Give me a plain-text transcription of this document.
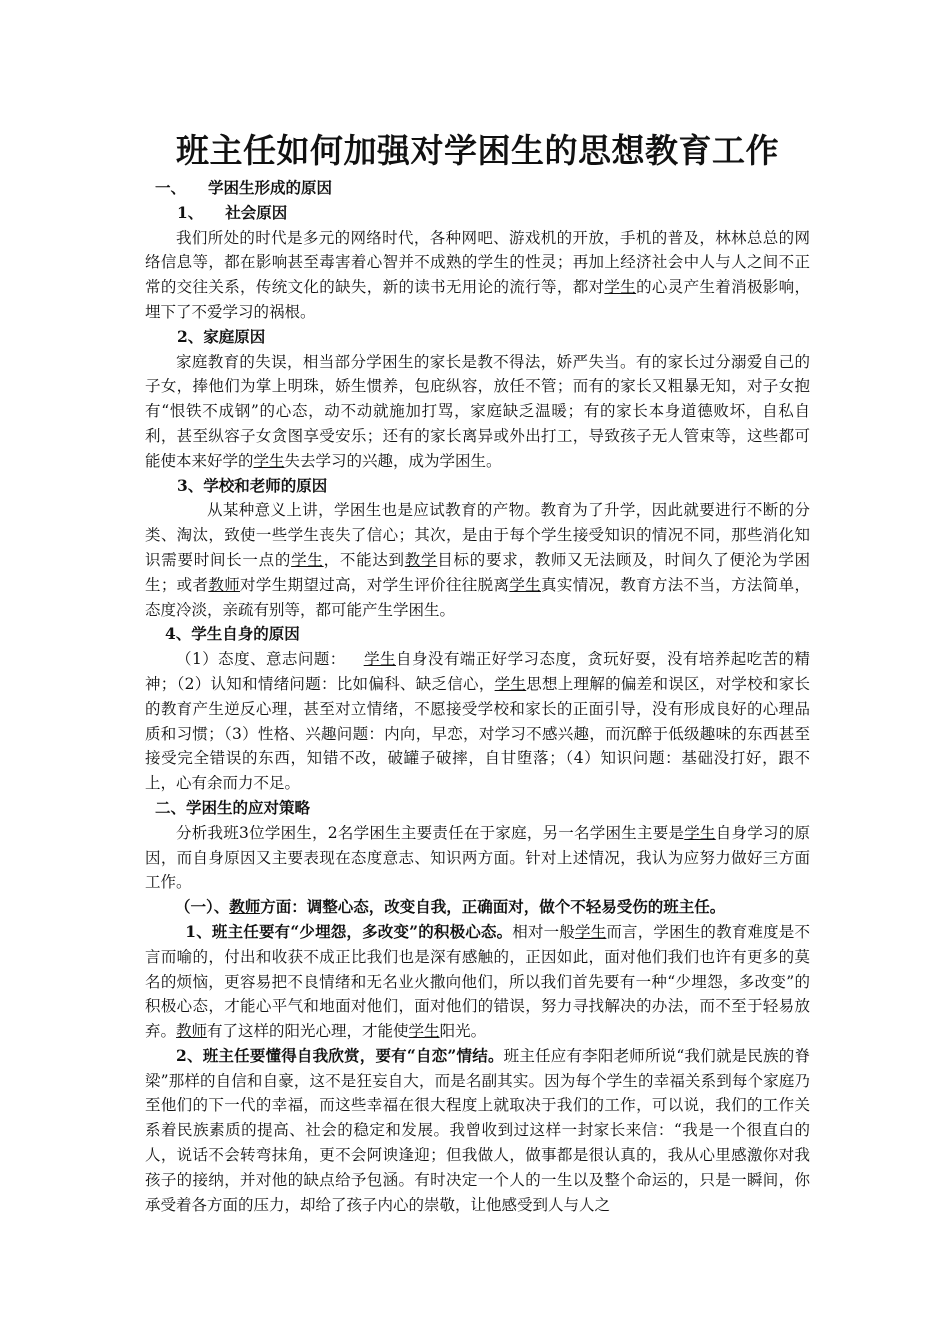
班主任如何加强对学困生的思想教育工作

一、 学困生形成的原因

1、 社会原因

我们所处的时代是多元的网络时代，各种网吧、游戏机的开放，手机的普及，林林总总的网络信息等，都在影响甚至毒害着心智并不成熟的学生的性灵；再加上经济社会中人与人之间不正常的交往关系，传统文化的缺失，新的读书无用论的流行等，都对学生的心灵产生着消极影响，埋下了不爱学习的祸根。

2、家庭原因

家庭教育的失误，相当部分学困生的家长是教不得法，娇严失当。有的家长过分溺爱自己的子女，捧他们为掌上明珠，娇生惯养，包庇纵容，放任不管；而有的家长又粗暴无知，对子女抱有“恨铁不成钢”的心态，动不动就施加打骂，家庭缺乏温暖；有的家长本身道德败坏，自私自利，甚至纵容子女贪图享受安乐；还有的家长离异或外出打工，导致孩子无人管束等，这些都可能使本来好学的学生失去学习的兴趣，成为学困生。

3、学校和老师的原因

从某种意义上讲，学困生也是应试教育的产物。教育为了升学，因此就要进行不断的分类、淘汰，致使一些学生丧失了信心；其次，是由于每个学生接受知识的情况不同，那些消化知识需要时间长一点的学生，不能达到教学目标的要求，教师又无法顾及，时间久了便沦为学困生；或者教师对学生期望过高，对学生评价往往脱离学生真实情况，教育方法不当，方法简单，态度冷淡，亲疏有别等，都可能产生学困生。

4、学生自身的原因

（1）态度、意志问题： 学生自身没有端正好学习态度，贪玩好耍，没有培养起吃苦的精神；（2）认知和情绪问题：比如偏科、缺乏信心，学生思想上理解的偏差和误区，对学校和家长的教育产生逆反心理，甚至对立情绪，不愿接受学校和家长的正面引导，没有形成良好的心理品质和习惯；（3）性格、兴趣问题：内向，早恋，对学习不感兴趣，而沉醉于低级趣味的东西甚至接受完全错误的东西，知错不改，破罐子破摔，自甘堕落；（4）知识问题：基础没打好，跟不上，心有余而力不足。

二、学困生的应对策略

分析我班3位学困生，2名学困生主要责任在于家庭，另一名学困生主要是学生自身学习的原因，而自身原因又主要表现在态度意志、知识两方面。针对上述情况，我认为应努力做好三方面工作。

（一）、教师方面：调整心态，改变自我，正确面对，做个不轻易受伤的班主任。

1、班主任要有“少埋怨，多改变”的积极心态。相对一般学生而言，学困生的教育难度是不言而喻的，付出和收获不成正比我们也是深有感触的，正因如此，面对他们我们也许有更多的莫名的烦恼，更容易把不良情绪和无名业火撒向他们，所以我们首先要有一种“少埋怨，多改变”的积极心态，才能心平气和地面对他们，面对他们的错误，努力寻找解决的办法，而不至于轻易放弃。教师有了这样的阳光心理，才能使学生阳光。

2、班主任要懂得自我欣赏，要有“自恋”情结。班主任应有李阳老师所说“我们就是民族的脊梁”那样的自信和自豪，这不是狂妄自大，而是名副其实。因为每个学生的幸福关系到每个家庭乃至他们的下一代的幸福，而这些幸福在很大程度上就取决于我们的工作，可以说，我们的工作关系着民族素质的提高、社会的稳定和发展。我曾收到过这样一封家长来信：“我是一个很直白的人，说话不会转弯抹角，更不会阿谀逢迎；但我做人，做事都是很认真的，我从心里感激你对我孩子的接纳，并对他的缺点给予包涵。有时决定一个人的一生以及整个命运的，只是一瞬间，你承受着各方面的压力，却给了孩子内心的崇敬，让他感受到人与人之
